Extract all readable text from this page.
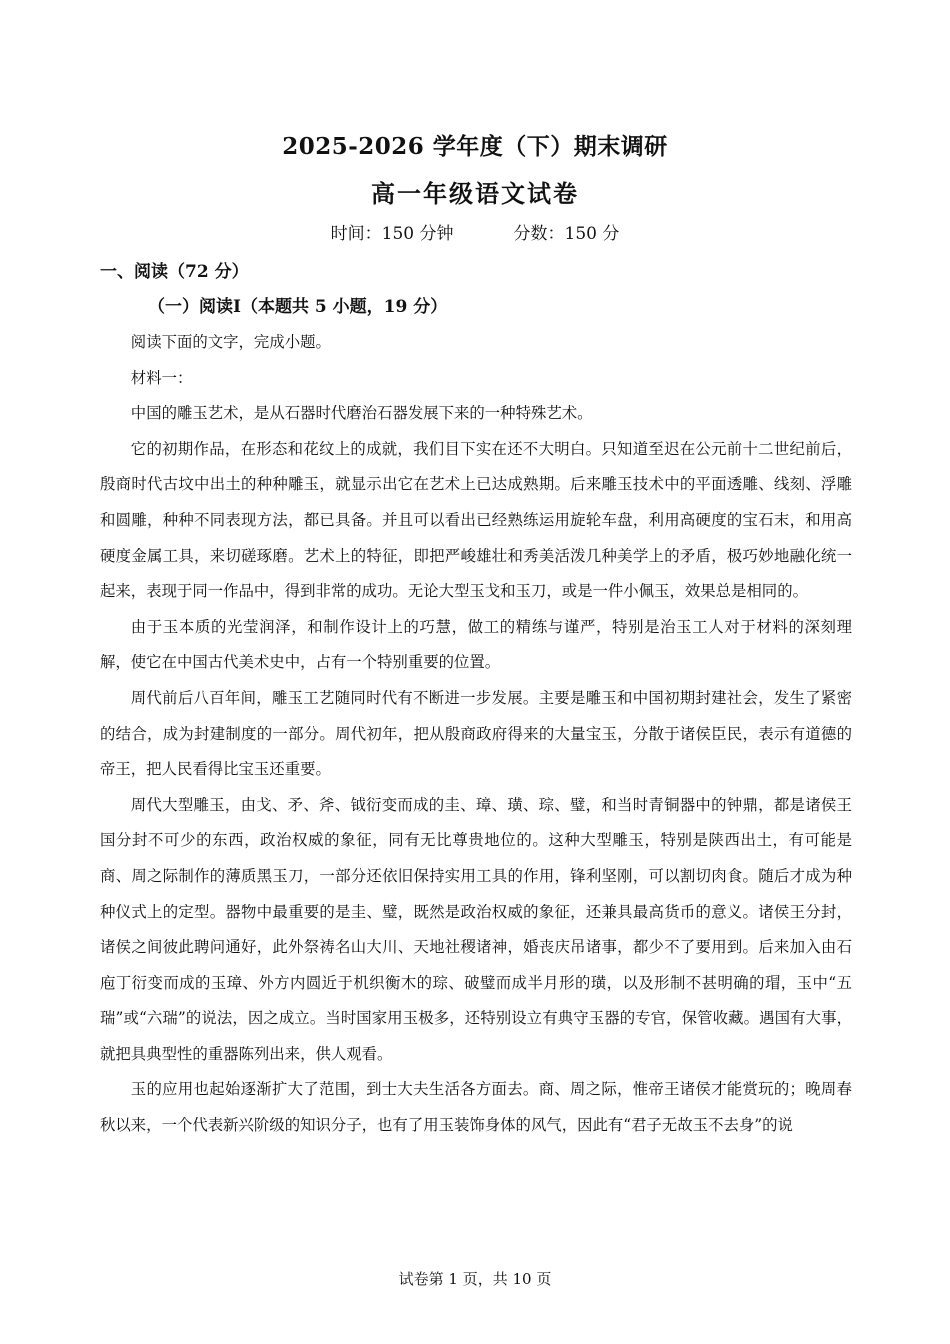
2025-2026 学年度（下）期末调研
高一年级语文试卷
时间：150 分钟	分数：150 分
一、阅读（72 分）
（一）阅读I（本题共 5 小题，19 分）

阅读下面的文字，完成小题。

材料一：

中国的雕玉艺术，是从石器时代磨治石器发展下来的一种特殊艺术。

它的初期作品，在形态和花纹上的成就，我们目下实在还不大明白。只知道至迟在公元前十二世纪前后，殷商时代古坟中出土的种种雕玉，就显示出它在艺术上已达成熟期。后来雕玉技术中的平面透雕、线刻、浮雕和圆雕，种种不同表现方法，都已具备。并且可以看出已经熟练运用旋轮车盘，利用高硬度的宝石末，和用高硬度金属工具，来切磋琢磨。艺术上的特征，即把严峻雄壮和秀美活泼几种美学上的矛盾，极巧妙地融化统一起来，表现于同一作品中，得到非常的成功。无论大型玉戈和玉刀，或是一件小佩玉，效果总是相同的。

由于玉本质的光莹润泽，和制作设计上的巧慧，做工的精练与谨严，特别是治玉工人对于材料的深刻理解，使它在中国古代美术史中，占有一个特别重要的位置。

周代前后八百年间，雕玉工艺随同时代有不断进一步发展。主要是雕玉和中国初期封建社会，发生了紧密的结合，成为封建制度的一部分。周代初年，把从殷商政府得来的大量宝玉，分散于诸侯臣民，表示有道德的帝王，把人民看得比宝玉还重要。

周代大型雕玉，由戈、矛、斧、钺衍变而成的圭、璋、璜、琮、璧，和当时青铜器中的钟鼎，都是诸侯王国分封不可少的东西，政治权威的象征，同有无比尊贵地位的。这种大型雕玉，特别是陕西出土，有可能是商、周之际制作的薄质黑玉刀，一部分还依旧保持实用工具的作用，锋利坚刚，可以割切肉食。随后才成为种种仪式上的定型。器物中最重要的是圭、璧，既然是政治权威的象征，还兼具最高货币的意义。诸侯王分封，诸侯之间彼此聘问通好，此外祭祷名山大川、天地社稷诸神，婚丧庆吊诸事，都少不了要用到。后来加入由石庖丁衍变而成的玉璋、外方内圆近于机织衡木的琮、破璧而成半月形的璜，以及形制不甚明确的瑁，玉中“五瑞”或“六瑞”的说法，因之成立。当时国家用玉极多，还特别设立有典守玉器的专官，保管收藏。遇国有大事，就把具典型性的重器陈列出来，供人观看。

玉的应用也起始逐渐扩大了范围，到士大夫生活各方面去。商、周之际，惟帝王诸侯才能赏玩的；晚周春秋以来，一个代表新兴阶级的知识分子，也有了用玉装饰身体的风气，因此有“君子无故玉不去身”的说

试卷第 1 页，共 10 页
